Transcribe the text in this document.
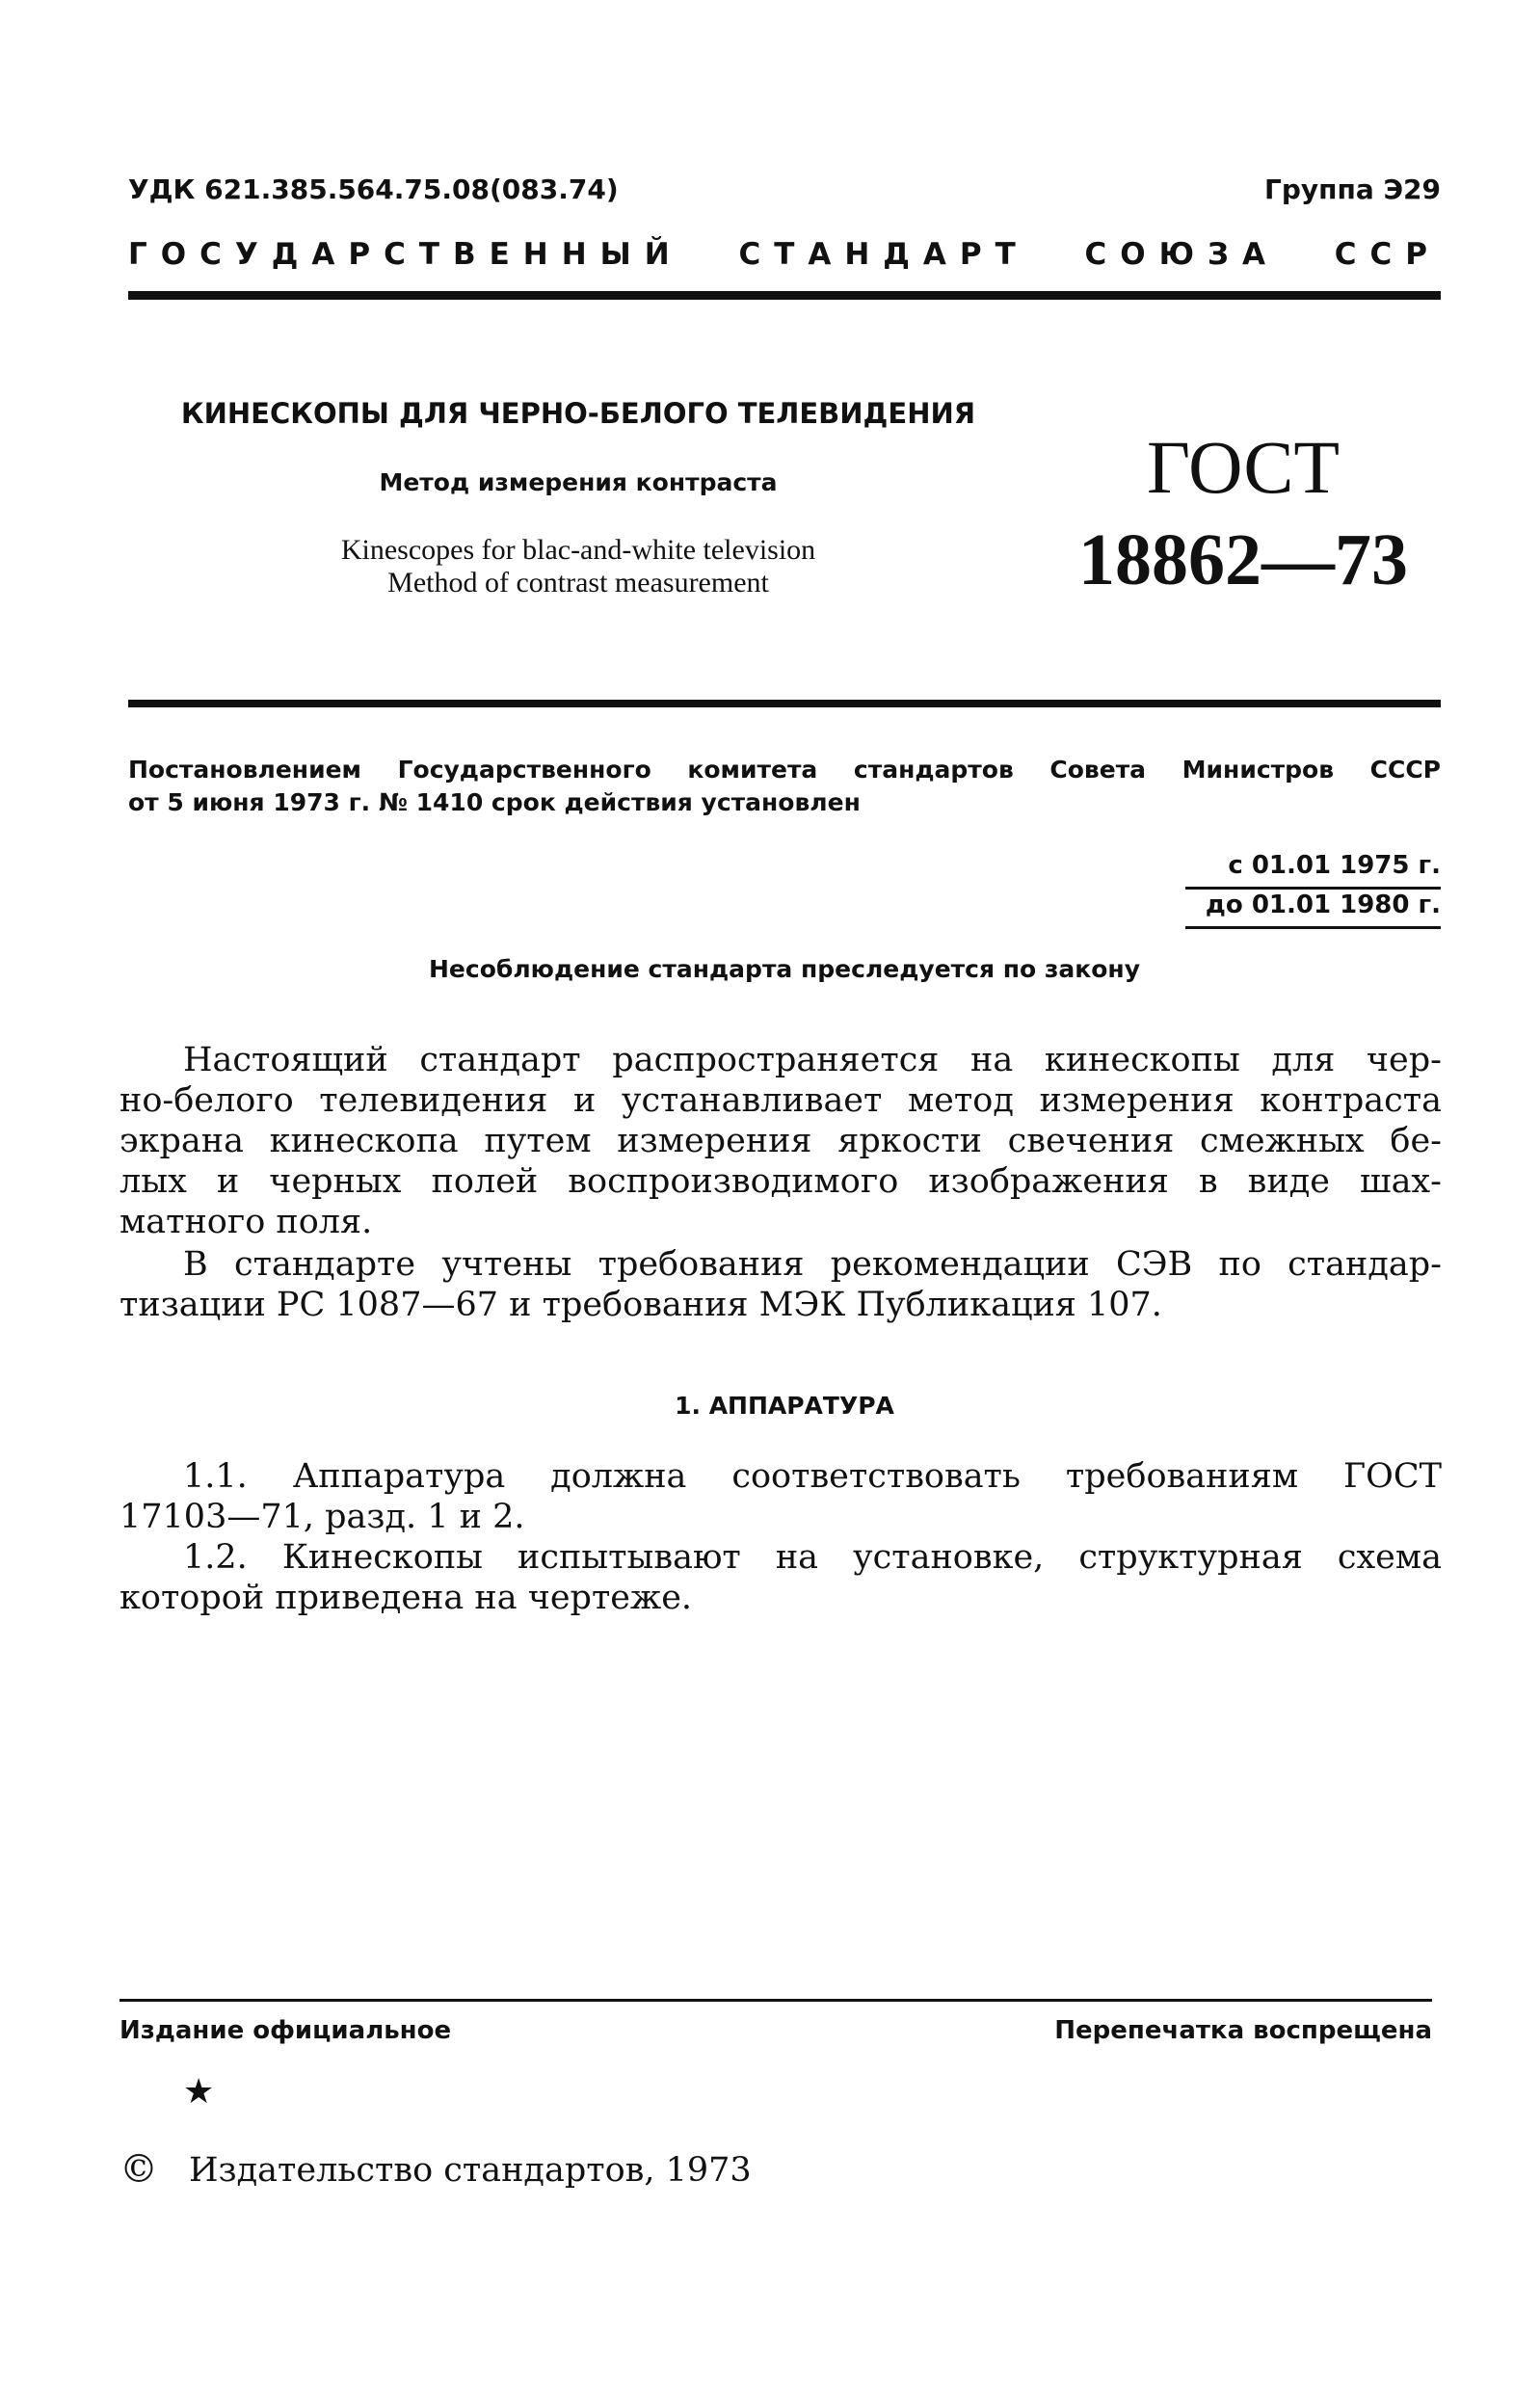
УДК 621.385.564.75.08(083.74)	Группа Э29
ГОСУДАРСТВЕННЫЙ СТАНДАРТ СОЮЗА ССР
КИНЕСКОПЫ ДЛЯ ЧЕРНО-БЕЛОГО ТЕЛЕВИДЕНИЯ
Метод измерения контраста
Kinescopes for blac-and-white television
Method of contrast measurement
ГОСТ
18862—73
Постановлением Государственного комитета стандартов Совета Министров СССР
от 5 июня 1973 г. № 1410 срок действия установлен
с 01.01 1975 г.
до 01.01 1980 г.
Несоблюдение стандарта преследуется по закону
Настоящий стандарт распространяется на кинескопы для чер-
но-белого телевидения и устанавливает метод измерения контраста
экрана кинескопа путем измерения яркости свечения смежных бе-
лых и черных полей воспроизводимого изображения в виде шах-
матного поля.
В стандарте учтены требования рекомендации СЭВ по стандар-
тизации РС 1087—67 и требования МЭК Публикация 107.
1. АППАРАТУРА
1.1. Аппаратура должна соответствовать требованиям ГОСТ
17103—71, разд. 1 и 2.
1.2. Кинескопы испытывают на установке, структурная схема
которой приведена на чертеже.
Издание официальное	Перепечатка воспрещена
★
© Издательство стандартов, 1973
